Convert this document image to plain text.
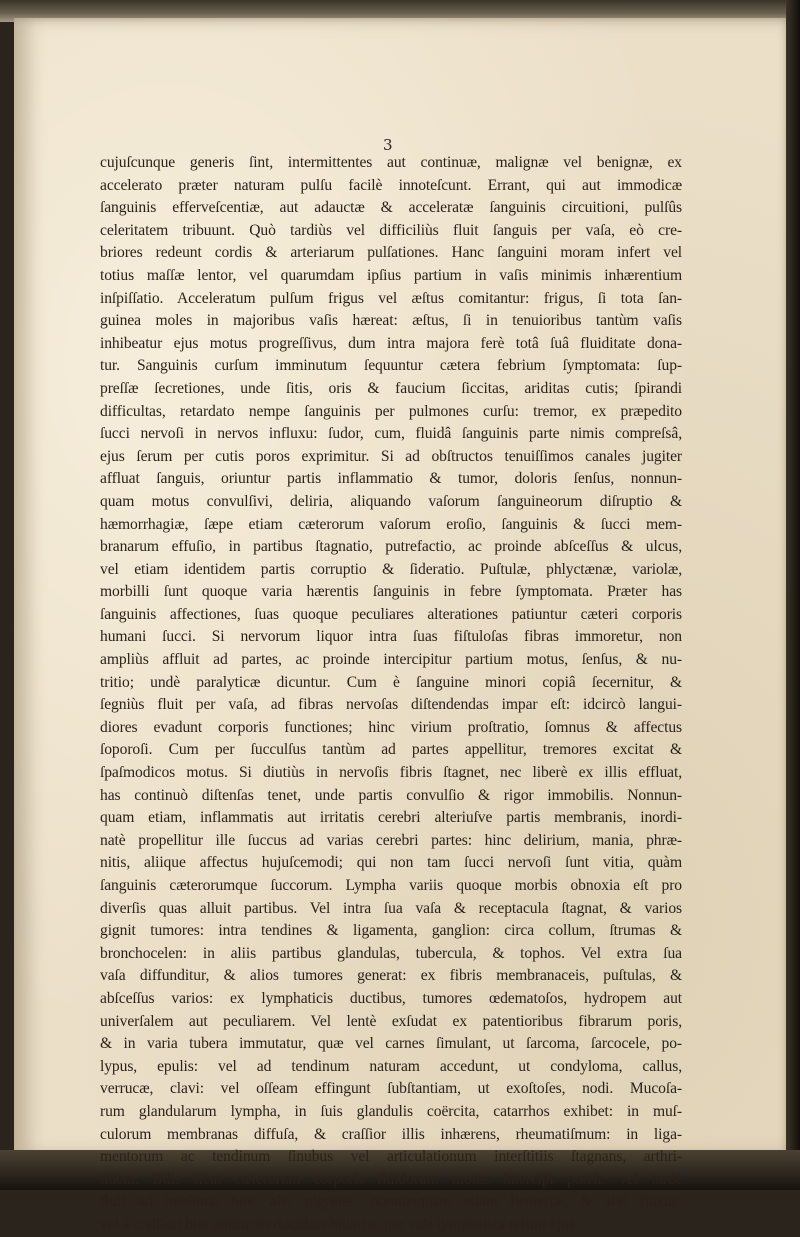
3
cujuſcunque generis ſint, intermittentes aut continuæ, malignæ vel benignæ, ex
accelerato præter naturam pulſu facilè innoteſcunt. Errant, qui aut immodicæ
ſanguinis efferveſcentiæ, aut adauctæ & acceleratæ ſanguinis circuitioni, pulſûs
celeritatem tribuunt. Quò tardiùs vel difficiliùs fluit ſanguis per vaſa, eò cre-
briores redeunt cordis & arteriarum pulſationes. Hanc ſanguini moram infert vel
totius maſſæ lentor, vel quarumdam ipſius partium in vaſis minimis inhærentium
inſpiſſatio. Acceleratum pulſum frigus vel æſtus comitantur: frigus, ſi tota ſan-
guinea moles in majoribus vaſis hæreat: æſtus, ſi in tenuioribus tantùm vaſis
inhibeatur ejus motus progreſſivus, dum intra majora ferè totâ ſuâ fluiditate dona-
tur. Sanguinis curſum imminutum ſequuntur cætera febrium ſymptomata: ſup-
preſſæ ſecretiones, unde ſitis, oris & faucium ſiccitas, ariditas cutis; ſpirandi
difficultas, retardato nempe ſanguinis per pulmones curſu: tremor, ex præpedito
ſucci nervoſi in nervos influxu: ſudor, cum, fluidâ ſanguinis parte nimis compreſsâ,
ejus ſerum per cutis poros exprimitur. Si ad obſtructos tenuiſſimos canales jugiter
affluat ſanguis, oriuntur partis inflammatio & tumor, doloris ſenſus, nonnun-
quam motus convulſivi, deliria, aliquando vaſorum ſanguineorum diſruptio &
hæmorrhagiæ, ſæpe etiam cæterorum vaſorum eroſio, ſanguinis & ſucci mem-
branarum effuſio, in partibus ſtagnatio, putrefactio, ac proinde abſceſſus & ulcus,
vel etiam identidem partis corruptio & ſideratio. Puſtulæ, phlyctænæ, variolæ,
morbilli ſunt quoque varia hærentis ſanguinis in febre ſymptomata. Præter has
ſanguinis affectiones, ſuas quoque peculiares alterationes patiuntur cæteri corporis
humani ſucci. Si nervorum liquor intra ſuas fiſtuloſas fibras immoretur, non
ampliùs affluit ad partes, ac proinde intercipitur partium motus, ſenſus, & nu-
tritio; undè paralyticæ dicuntur. Cum è ſanguine minori copiâ ſecernitur, &
ſegniùs fluit per vaſa, ad fibras nervoſas diſtendendas impar eſt: idcircò langui-
diores evadunt corporis functiones; hinc virium proſtratio, ſomnus & affectus
ſoporoſi. Cum per ſucculſus tantùm ad partes appellitur, tremores excitat &
ſpaſmodicos motus. Si diutiùs in nervoſis fibris ſtagnet, nec liberè ex illis effluat,
has continuò diſtenſas tenet, unde partis convulſio & rigor immobilis. Nonnun-
quam etiam, inflammatis aut irritatis cerebri alteriuſve partis membranis, inordi-
natè propellitur ille ſuccus ad varias cerebri partes: hinc delirium, mania, phræ-
nitis, aliique affectus hujuſcemodi; qui non tam ſucci nervoſi ſunt vitia, quàm
ſanguinis cæterorumque ſuccorum. Lympha variis quoque morbis obnoxia eſt pro
diverſis quas alluit partibus. Vel intra ſua vaſa & receptacula ſtagnat, & varios
gignit tumores: intra tendines & ligamenta, ganglion: circa collum, ſtrumas &
bronchocelen: in aliis partibus glandulas, tubercula, & tophos. Vel extra ſua
vaſa diffunditur, & alios tumores generat: ex fibris membranaceis, puſtulas, &
abſceſſus varios: ex lymphaticis ductibus, tumores œdematoſos, hydropem aut
univerſalem aut peculiarem. Vel lentè exſudat ex patentioribus fibrarum poris,
& in varia tubera immutatur, quæ vel carnes ſimulant, ut ſarcoma, ſarcocele, po-
lypus, epulis: vel ad tendinum naturam accedunt, ut condyloma, callus,
verrucæ, clavi: vel oſſeam effingunt ſubſtantiam, ut exoſtoſes, nodi. Mucoſa-
rum glandularum lympha, in ſuis glandulis coërcita, catarrhos exhibet: in muſ-
culorum membranas diffuſa, & craſſior illis inhærens, rheumatiſmum: in liga-
mentorum ac tendinum ſinubus vel articulationum interſtitiis ſtagnans, arthri-
tidem. Bilis ſicut cæterorum corporis fluidorum motus intercipi poteſt: vel tardè
fluit ad inteſtina, hinc alvi pigrities, nonnunquam etiam lienteriæ, & alvi fluxus:
vel à craſſiori bile obſtructis ductibus biliariis, per vaſa lymphatica refluit ejus
